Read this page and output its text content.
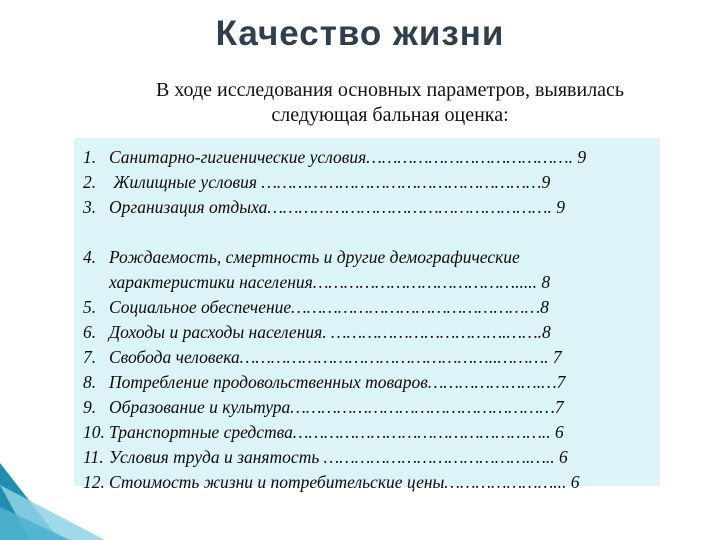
Качество жизни
В ходе исследования основных параметров, выявилась
следующая бальная оценка:
1. Санитарно-гигиенические условия…………………………………. 9
2. Жилищные условия ………………………………………………9
3. Организация отдыха………………………………………………. 9
4. Рождаемость, смертность и другие демографические
характеристики населения…………………………………..... 8
5. Социальное обеспечение…………………………………………8
6. Доходы и расходы населения. …………………………….…….8
7. Свобода человека…………………………………………..………. 7
8. Потребление продовольственных товаров………………….…7
9. Образование и культура……………………………………………7
10. Транспортные средства………………………………………….. 6
11. Условия труда и занятость ………………………………….….. 6
12. Стоимость жизни и потребительские цены…………………... 6
